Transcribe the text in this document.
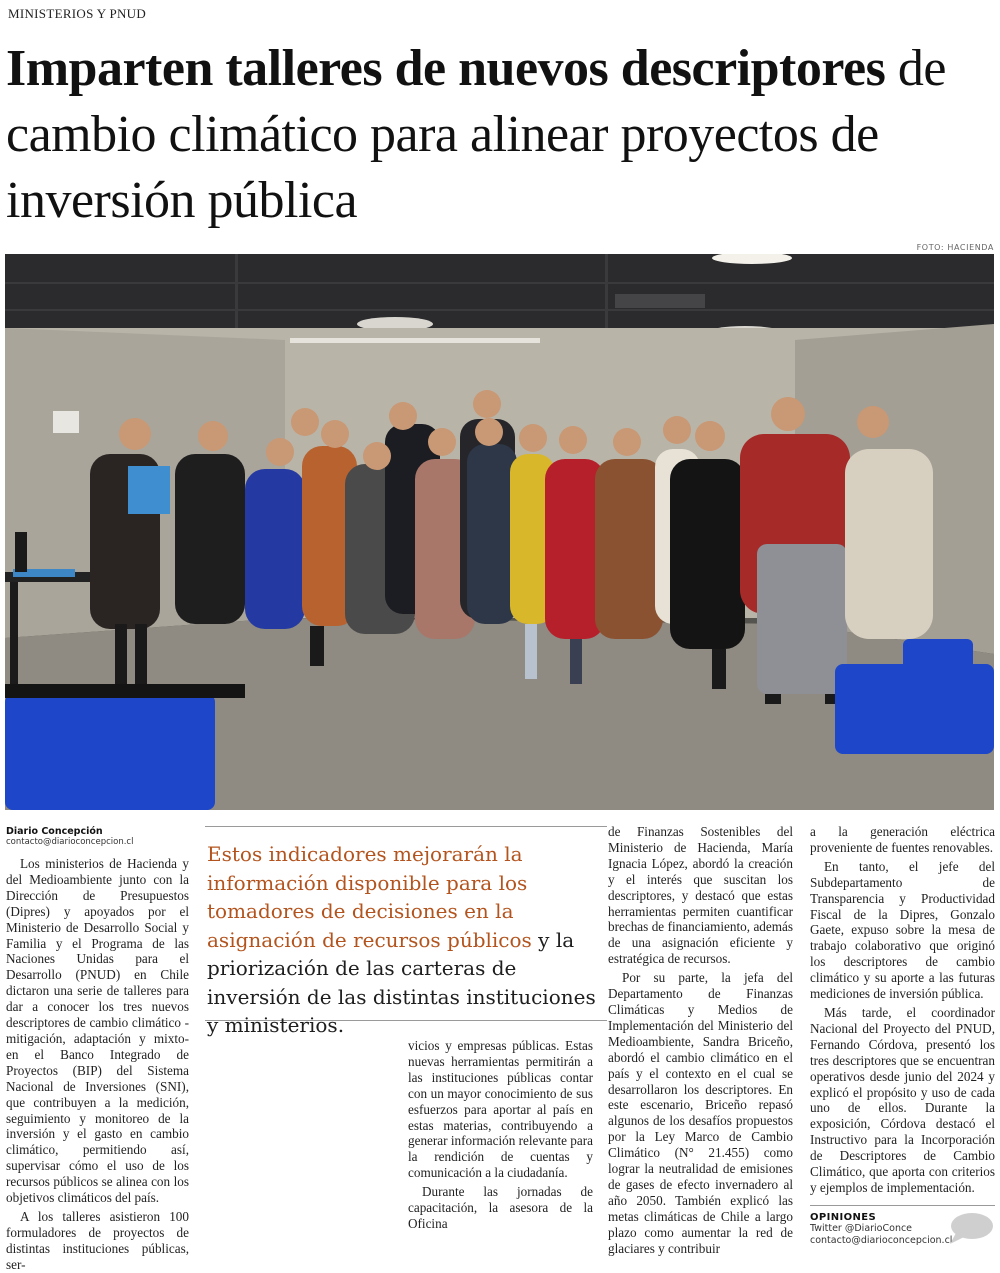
MINISTERIOS Y PNUD
Imparten talleres de nuevos descriptores de cambio climático para alinear proyectos de inversión pública
FOTO: HACIENDA
Diario Concepción
contacto@diarioconcepcion.cl	Estos indicadores mejorarán la información disponible para los tomadores de decisiones en la asignación de recursos públicos y la priorización de las carteras de inversión de las distintas instituciones y ministerios.

Los ministerios de Hacienda y del Medioambiente junto con la Dirección de Presupuestos (Dipres) y apoyados por el Ministerio de Desarrollo Social y Familia y el Programa de las Naciones Unidas para el Desarrollo (PNUD) en Chile dictaron una serie de talleres para dar a conocer los tres nuevos descriptores de cambio climático -mitigación, adaptación y mixto- en el Banco Integrado de Proyectos (BIP) del Sistema Nacional de Inversiones (SNI), que contribuyen a la medición, seguimiento y monitoreo de la inversión y el gasto en cambio climático, permitiendo así, supervisar cómo el uso de los recursos públicos se alinea con los objetivos climáticos del país.

A los talleres asistieron 100 formuladores de proyectos de distintas instituciones públicas, ser-

vicios y empresas públicas. Estas nuevas herramientas permitirán a las instituciones públicas contar con un mayor conocimiento de sus esfuerzos para aportar al país en estas materias, contribuyendo a generar información relevante para la rendición de cuentas y comunicación a la ciudadanía.

Durante las jornadas de capacitación, la asesora de la Oficina

de Finanzas Sostenibles del Ministerio de Hacienda, María Ignacia López, abordó la creación y el interés que suscitan los descriptores, y destacó que estas herramientas permiten cuantificar brechas de financiamiento, además de una asignación eficiente y estratégica de recursos.

Por su parte, la jefa del Departamento de Finanzas Climáticas y Medios de Implementación del Ministerio del Medioambiente, Sandra Briceño, abordó el cambio climático en el país y el contexto en el cual se desarrollaron los descriptores. En este escenario, Briceño repasó algunos de los desafíos propuestos por la Ley Marco de Cambio Climático (N° 21.455) como lograr la neutralidad de emisiones de gases de efecto invernadero al año 2050. También explicó las metas climáticas de Chile a largo plazo como aumentar la red de glaciares y contribuir

a la generación eléctrica proveniente de fuentes renovables.

En tanto, el jefe del Subdepartamento de Transparencia y Productividad Fiscal de la Dipres, Gonzalo Gaete, expuso sobre la mesa de trabajo colaborativo que originó los descriptores de cambio climático y su aporte a las futuras mediciones de inversión pública.

Más tarde, el coordinador Nacional del Proyecto del PNUD, Fernando Córdova, presentó los tres descriptores que se encuentran operativos desde junio del 2024 y explicó el propósito y uso de cada uno de ellos. Durante la exposición, Córdova destacó el Instructivo para la Incorporación de Descriptores de Cambio Climático, que aporta con criterios y ejemplos de implementación.

OPINIONES
Twitter @DiarioConce
contacto@diarioconcepcion.cl
